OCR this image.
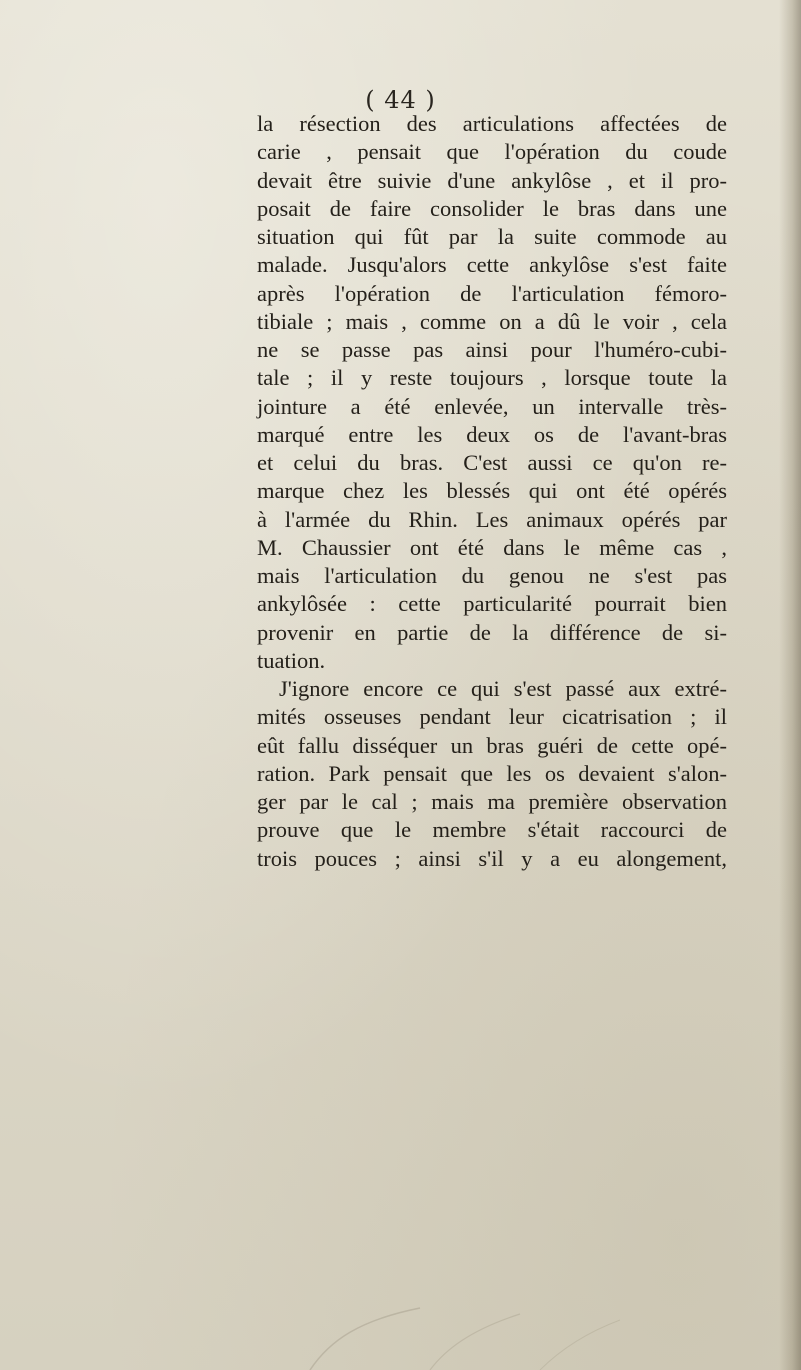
( 44 )
la résection des articulations affectées de
carie , pensait que l'opération du coude
devait être suivie d'une ankylôse , et il pro-
posait de faire consolider le bras dans une
situation qui fût par la suite commode au
malade. Jusqu'alors cette ankylôse s'est faite
après l'opération de l'articulation fémoro-
tibiale ; mais , comme on a dû le voir , cela
ne se passe pas ainsi pour l'huméro-cubi-
tale ; il y reste toujours , lorsque toute la
jointure a été enlevée, un intervalle très-
marqué entre les deux os de l'avant-bras
et celui du bras. C'est aussi ce qu'on re-
marque chez les blessés qui ont été opérés
à l'armée du Rhin. Les animaux opérés par
M. Chaussier ont été dans le même cas ,
mais l'articulation du genou ne s'est pas
ankylôsée : cette particularité pourrait bien
provenir en partie de la différence de si-
tuation.
J'ignore encore ce qui s'est passé aux extré-
mités osseuses pendant leur cicatrisation ; il
eût fallu disséquer un bras guéri de cette opé-
ration. Park pensait que les os devaient s'alon-
ger par le cal ; mais ma première observation
prouve que le membre s'était raccourci de
trois pouces ; ainsi s'il y a eu alongement,
